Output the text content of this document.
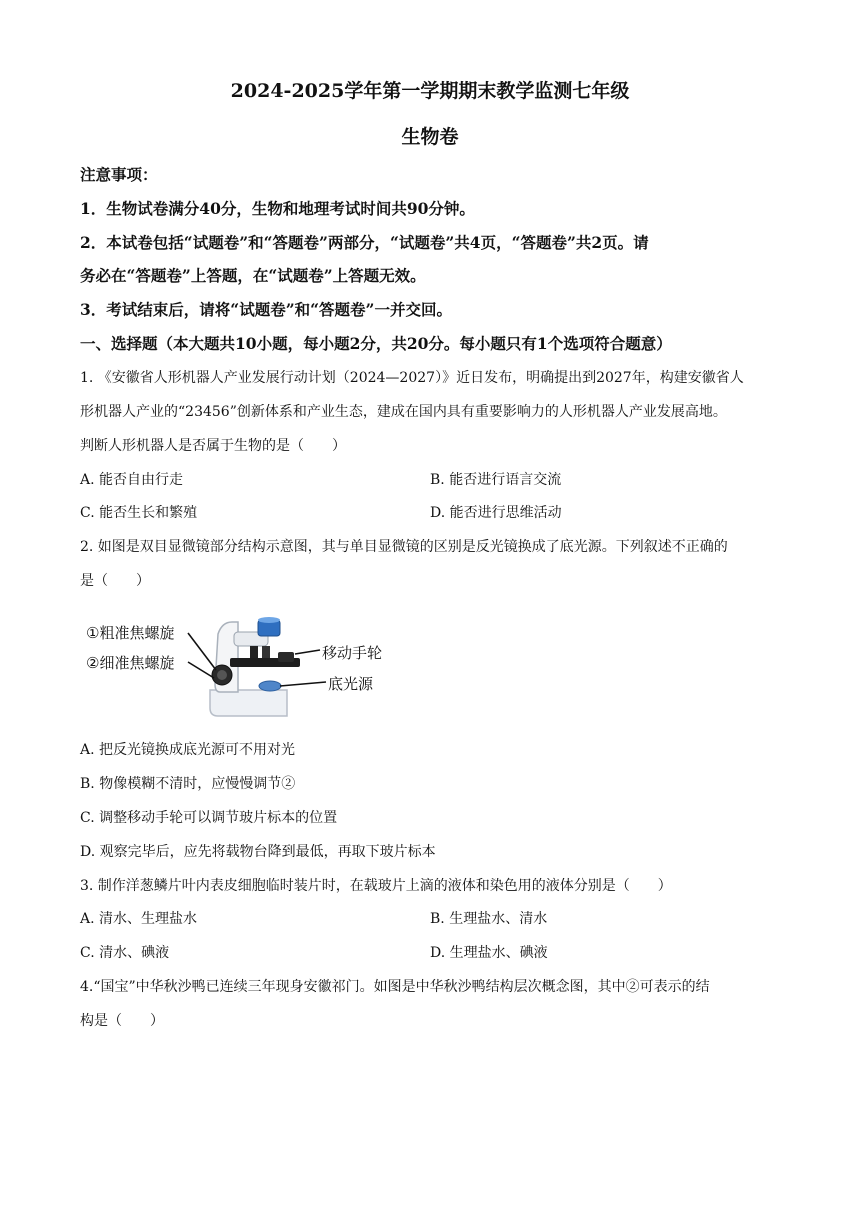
2024-2025学年第一学期期末教学监测七年级
生物卷
注意事项：
1．生物试卷满分40分，生物和地理考试时间共90分钟。
2．本试卷包括“试题卷”和“答题卷”两部分，“试题卷”共4页，“答题卷”共2页。请
务必在“答题卷”上答题，在“试题卷”上答题无效。
3．考试结束后，请将“试题卷”和“答题卷”一并交回。
一、选择题（本大题共10小题，每小题2分，共20分。每小题只有1个选项符合题意）
1. 《安徽省人形机器人产业发展行动计划（2024—2027）》近日发布，明确提出到2027年，构建安徽省人
形机器人产业的“23456”创新体系和产业生态，建成在国内具有重要影响力的人形机器人产业发展高地。
判断人形机器人是否属于生物的是（　　）
A. 能否自由行走	B. 能否进行语言交流
C. 能否生长和繁殖	D. 能否进行思维活动
2. 如图是双目显微镜部分结构示意图，其与单目显微镜的区别是反光镜换成了底光源。下列叙述不正确的
是（　　）
①粗准焦螺旋
②细准焦螺旋
移动手轮
底光源
A. 把反光镜换成底光源可不用对光
B. 物像模糊不清时，应慢慢调节②
C. 调整移动手轮可以调节玻片标本的位置
D. 观察完毕后，应先将载物台降到最低，再取下玻片标本
3. 制作洋葱鳞片叶内表皮细胞临时装片时，在载玻片上滴的液体和染色用的液体分别是（　　）
A. 清水、生理盐水	B. 生理盐水、清水
C. 清水、碘液	D. 生理盐水、碘液
4.“国宝”中华秋沙鸭已连续三年现身安徽祁门。如图是中华秋沙鸭结构层次概念图，其中②可表示的结
构是（　　）
